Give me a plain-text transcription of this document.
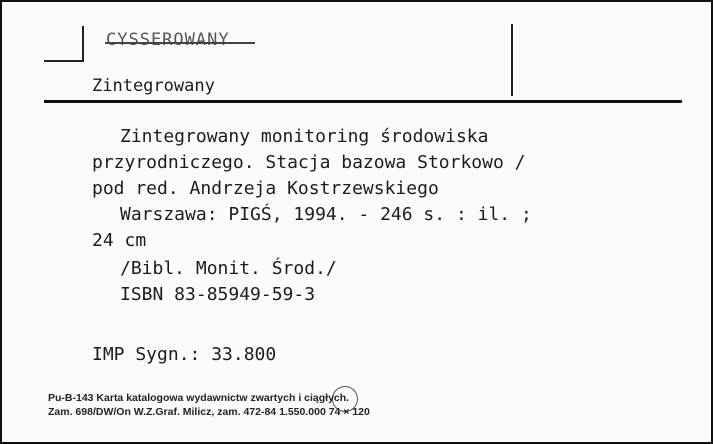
CYSSEROWANY
Zintegrowany
Zintegrowany monitoring środowiska
przyrodniczego. Stacja bazowa Storkowo /
pod red. Andrzeja Kostrzewskiego
Warszawa: PIGŚ, 1994. - 246 s. : il. ;
24 cm
/Bibl. Monit. Środ./
ISBN 83-85949-59-3
IMP Sygn.: 33.800
Pu-B-143 Karta katalogowa wydawnictw zwartych i ciągłych.
Zam. 698/DW/On W.Z.Graf. Milicz, zam. 472-84 1.550.000 74 × 120
